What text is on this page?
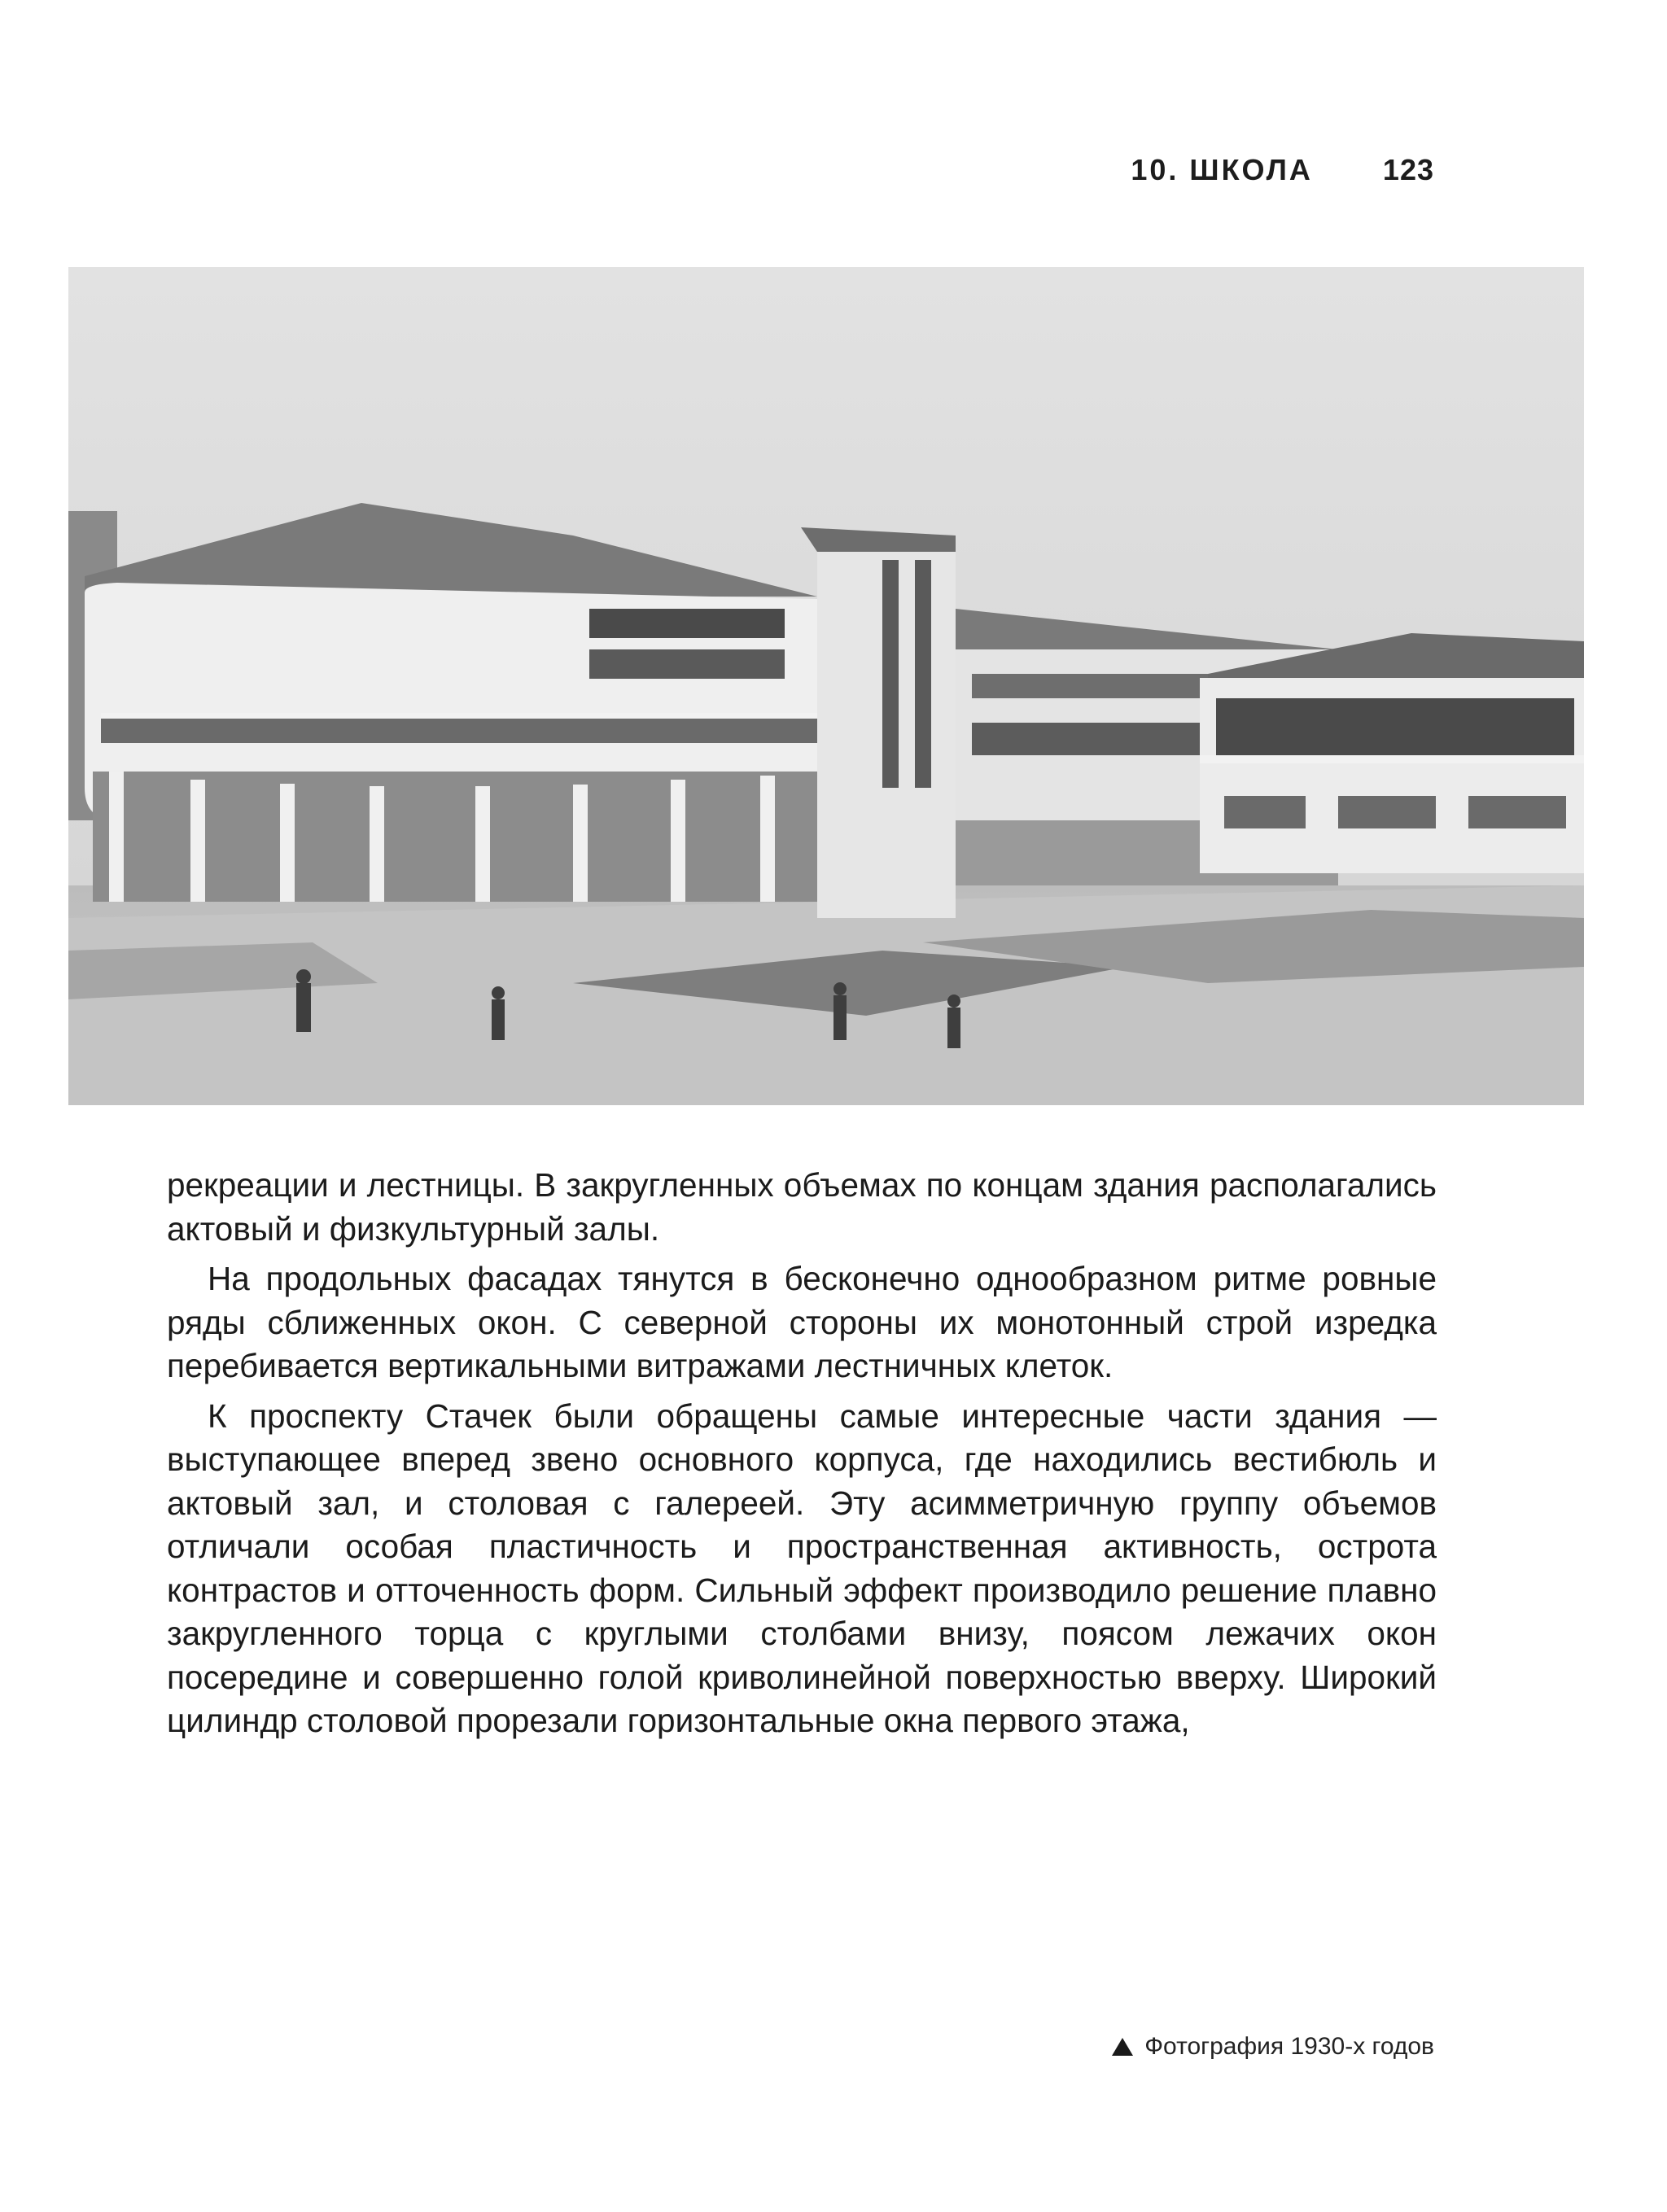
10. ШКОЛА 123

рекреации и лестницы. В закругленных объемах по концам здания располагались актовый и физкультурный залы.

На продольных фасадах тянутся в бесконечно однообразном ритме ровные ряды сближенных окон. С северной стороны их монотонный строй изредка перебивается вертикальными витражами лестничных клеток.

К проспекту Стачек были обращены самые интересные части здания — выступающее вперед звено основного корпуса, где находились вестибюль и актовый зал, и столовая с галереей. Эту асимметричную группу объемов отличали особая пластичность и пространственная активность, острота контрастов и отточенность форм. Сильный эффект производило решение плавно закругленного торца с круглыми столбами внизу, поясом лежачих окон посередине и совершенно голой криволинейной поверхностью вверху. Широкий цилиндр столовой прорезали горизонтальные окна первого этажа,

Фотография 1930-х годов
